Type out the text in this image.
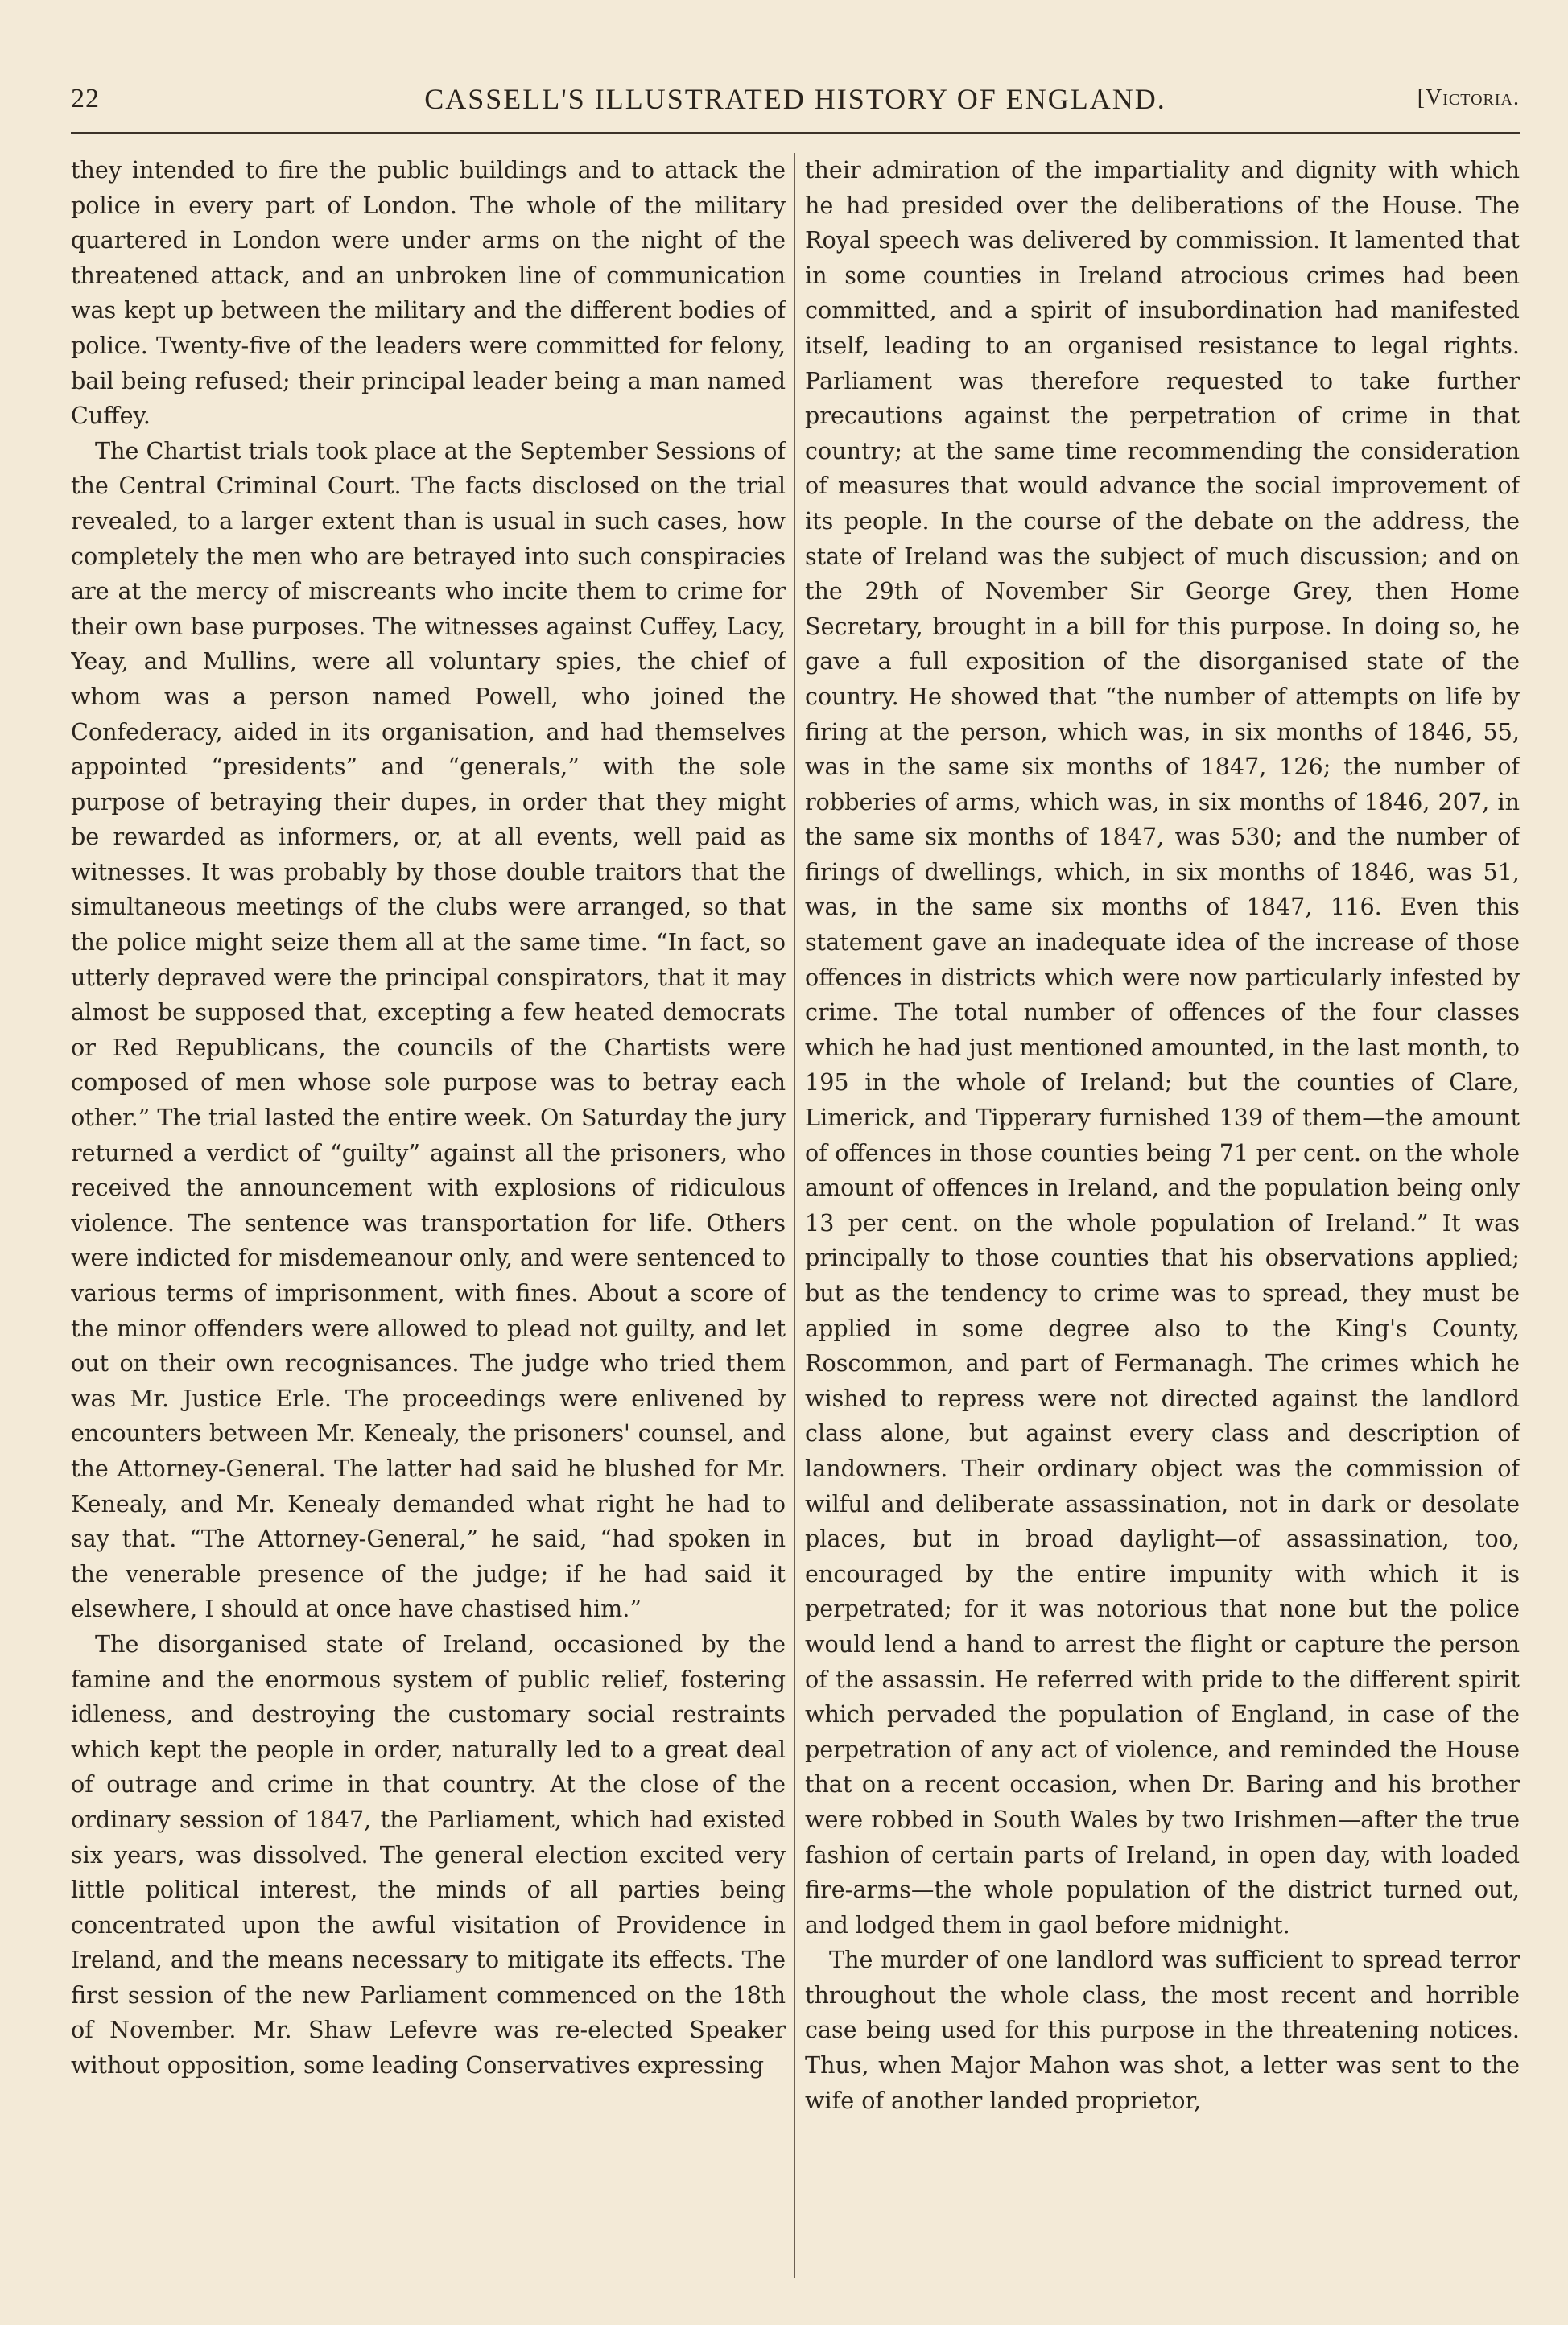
22	CASSELL'S ILLUSTRATED HISTORY OF ENGLAND.	[Victoria.

they intended to fire the public buildings and to attack the police in every part of London. The whole of the military quartered in London were under arms on the night of the threatened attack, and an unbroken line of communication was kept up between the military and the different bodies of police. Twenty-five of the leaders were committed for felony, bail being refused; their principal leader being a man named Cuffey.

The Chartist trials took place at the September Sessions of the Central Criminal Court. The facts disclosed on the trial revealed, to a larger extent than is usual in such cases, how completely the men who are betrayed into such conspiracies are at the mercy of miscreants who incite them to crime for their own base purposes. The witnesses against Cuffey, Lacy, Yeay, and Mullins, were all voluntary spies, the chief of whom was a person named Powell, who joined the Confederacy, aided in its organisation, and had themselves appointed “presidents” and “generals,” with the sole purpose of betraying their dupes, in order that they might be rewarded as informers, or, at all events, well paid as witnesses. It was probably by those double traitors that the simultaneous meetings of the clubs were arranged, so that the police might seize them all at the same time. “In fact, so utterly depraved were the principal conspirators, that it may almost be supposed that, excepting a few heated democrats or Red Republicans, the councils of the Chartists were composed of men whose sole purpose was to betray each other.” The trial lasted the entire week. On Saturday the jury returned a verdict of “guilty” against all the prisoners, who received the announcement with explosions of ridiculous violence. The sentence was transportation for life. Others were indicted for misdemeanour only, and were sentenced to various terms of imprisonment, with fines. About a score of the minor offenders were allowed to plead not guilty, and let out on their own recognisances. The judge who tried them was Mr. Justice Erle. The proceedings were enlivened by encounters between Mr. Kenealy, the prisoners' counsel, and the Attorney-General. The latter had said he blushed for Mr. Kenealy, and Mr. Kenealy demanded what right he had to say that. “The Attorney-General,” he said, “had spoken in the venerable presence of the judge; if he had said it elsewhere, I should at once have chastised him.”

The disorganised state of Ireland, occasioned by the famine and the enormous system of public relief, fostering idleness, and destroying the customary social restraints which kept the people in order, naturally led to a great deal of outrage and crime in that country. At the close of the ordinary session of 1847, the Parliament, which had existed six years, was dissolved. The general election excited very little political interest, the minds of all parties being concentrated upon the awful visitation of Providence in Ireland, and the means necessary to mitigate its effects. The first session of the new Parliament commenced on the 18th of November. Mr. Shaw Lefevre was re-elected Speaker without opposition, some leading Conservatives expressing

their admiration of the impartiality and dignity with which he had presided over the deliberations of the House. The Royal speech was delivered by commission. It lamented that in some counties in Ireland atrocious crimes had been committed, and a spirit of insubordination had manifested itself, leading to an organised resistance to legal rights. Parliament was therefore requested to take further precautions against the perpetration of crime in that country; at the same time recommending the consideration of measures that would advance the social improvement of its people. In the course of the debate on the address, the state of Ireland was the subject of much discussion; and on the 29th of November Sir George Grey, then Home Secretary, brought in a bill for this purpose. In doing so, he gave a full exposition of the disorganised state of the country. He showed that “the number of attempts on life by firing at the person, which was, in six months of 1846, 55, was in the same six months of 1847, 126; the number of robberies of arms, which was, in six months of 1846, 207, in the same six months of 1847, was 530; and the number of firings of dwellings, which, in six months of 1846, was 51, was, in the same six months of 1847, 116. Even this statement gave an inadequate idea of the increase of those offences in districts which were now particularly infested by crime. The total number of offences of the four classes which he had just mentioned amounted, in the last month, to 195 in the whole of Ireland; but the counties of Clare, Limerick, and Tipperary furnished 139 of them—the amount of offences in those counties being 71 per cent. on the whole amount of offences in Ireland, and the population being only 13 per cent. on the whole population of Ireland.” It was principally to those counties that his observations applied; but as the tendency to crime was to spread, they must be applied in some degree also to the King's County, Roscommon, and part of Fermanagh. The crimes which he wished to repress were not directed against the landlord class alone, but against every class and description of landowners. Their ordinary object was the commission of wilful and deliberate assassination, not in dark or desolate places, but in broad daylight—of assassination, too, encouraged by the entire impunity with which it is perpetrated; for it was notorious that none but the police would lend a hand to arrest the flight or capture the person of the assassin. He referred with pride to the different spirit which pervaded the population of England, in case of the perpetration of any act of violence, and reminded the House that on a recent occasion, when Dr. Baring and his brother were robbed in South Wales by two Irishmen—after the true fashion of certain parts of Ireland, in open day, with loaded fire-arms—the whole population of the district turned out, and lodged them in gaol before midnight.

The murder of one landlord was sufficient to spread terror throughout the whole class, the most recent and horrible case being used for this purpose in the threatening notices. Thus, when Major Mahon was shot, a letter was sent to the wife of another landed proprietor,
